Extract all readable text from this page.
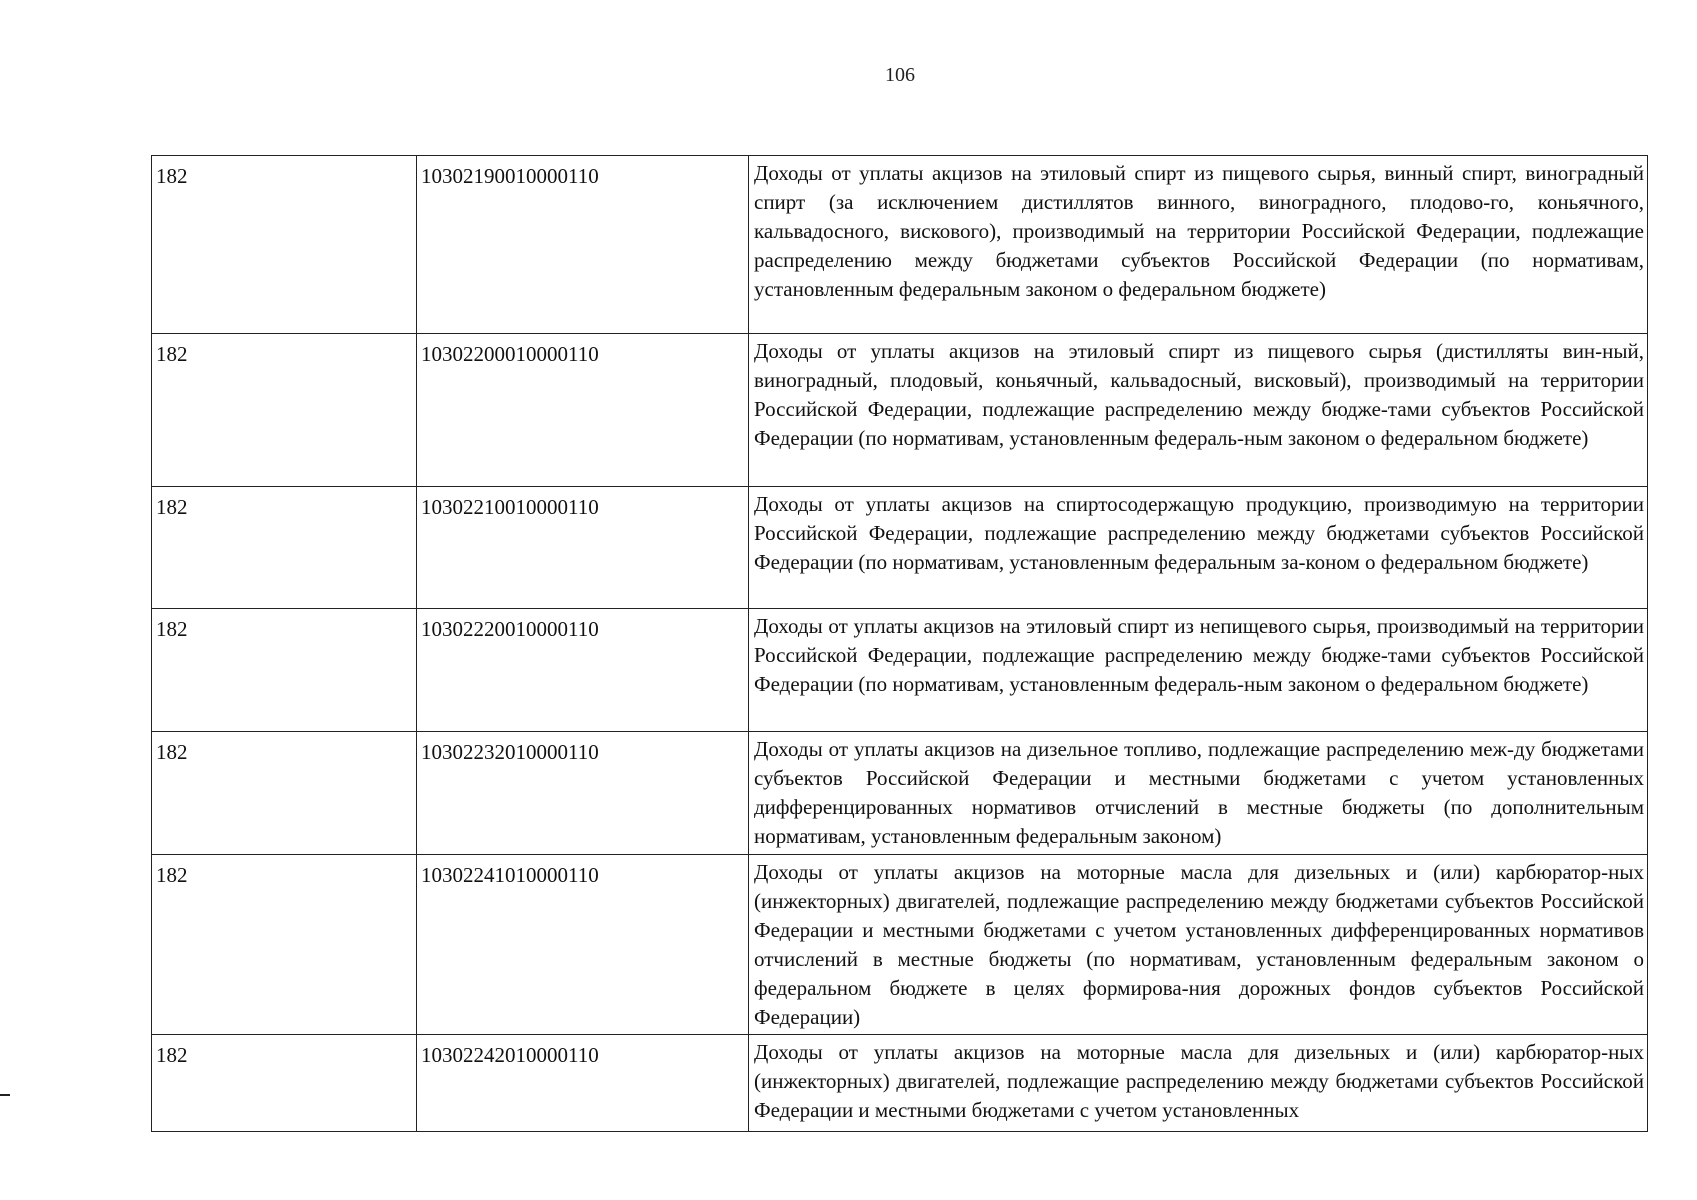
106
182	10302190010000110	Доходы от уплаты акцизов на этиловый спирт из пищевого сырья, винный спирт, виноградный спирт (за исключением дистиллятов винного, виноградного, плодово-го, коньячного, кальвадосного, вискового), производимый на территории Российской Федерации, подлежащие распределению между бюджетами субъектов Российской Федерации (по нормативам, установленным федеральным законом о федеральном бюджете)
182	10302200010000110	Доходы от уплаты акцизов на этиловый спирт из пищевого сырья (дистилляты вин-ный, виноградный, плодовый, коньячный, кальвадосный, висковый), производимый на территории Российской Федерации, подлежащие распределению между бюдже-тами субъектов Российской Федерации (по нормативам, установленным федераль-ным законом о федеральном бюджете)
182	10302210010000110	Доходы от уплаты акцизов на спиртосодержащую продукцию, производимую на территории Российской Федерации, подлежащие распределению между бюджетами субъектов Российской Федерации (по нормативам, установленным федеральным за-коном о федеральном бюджете)
182	10302220010000110	Доходы от уплаты акцизов на этиловый спирт из непищевого сырья, производимый на территории Российской Федерации, подлежащие распределению между бюдже-тами субъектов Российской Федерации (по нормативам, установленным федераль-ным законом о федеральном бюджете)
182	10302232010000110	Доходы от уплаты акцизов на дизельное топливо, подлежащие распределению меж-ду бюджетами субъектов Российской Федерации и местными бюджетами с учетом установленных дифференцированных нормативов отчислений в местные бюджеты (по дополнительным нормативам, установленным федеральным законом)
182	10302241010000110	Доходы от уплаты акцизов на моторные масла для дизельных и (или) карбюратор-ных (инжекторных) двигателей, подлежащие распределению между бюджетами субъектов Российской Федерации и местными бюджетами с учетом установленных дифференцированных нормативов отчислений в местные бюджеты (по нормативам, установленным федеральным законом о федеральном бюджете в целях формирова-ния дорожных фондов субъектов Российской Федерации)
182	10302242010000110	Доходы от уплаты акцизов на моторные масла для дизельных и (или) карбюратор-ных (инжекторных) двигателей, подлежащие распределению между бюджетами субъектов Российской Федерации и местными бюджетами с учетом установленных
